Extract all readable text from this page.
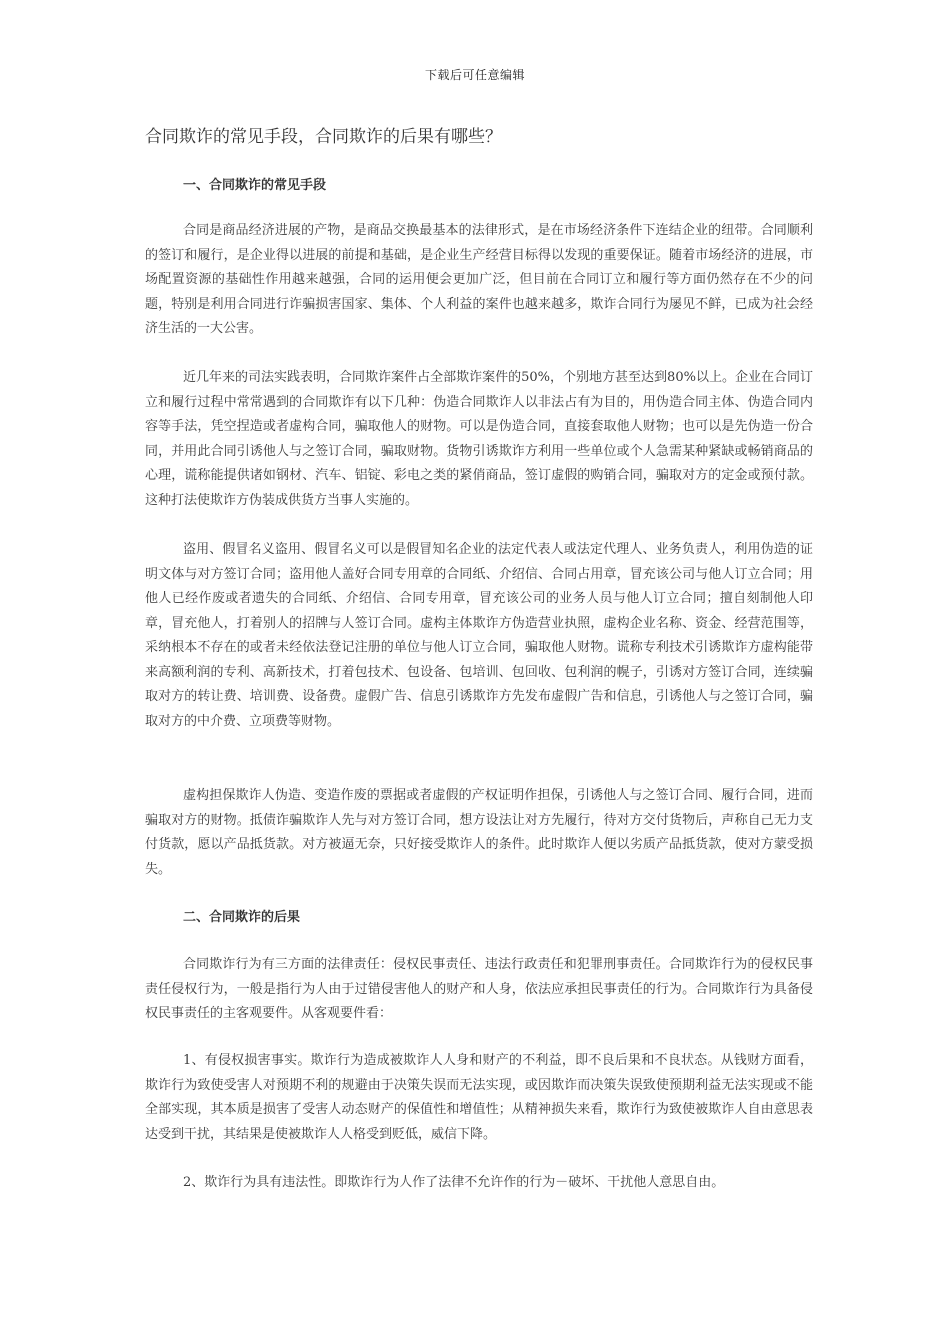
下载后可任意编辑
合同欺诈的常见手段，合同欺诈的后果有哪些？
一、合同欺诈的常见手段

合同是商品经济进展的产物，是商品交换最基本的法律形式，是在市场经济条件下连结企业的纽带。合同顺利的签订和履行，是企业得以进展的前提和基础，是企业生产经营目标得以发现的重要保证。随着市场经济的进展，市场配置资源的基础性作用越来越强，合同的运用便会更加广泛，但目前在合同订立和履行等方面仍然存在不少的问题，特别是利用合同进行诈骗损害国家、集体、个人利益的案件也越来越多，欺诈合同行为屡见不鲜，已成为社会经济生活的一大公害。

近几年来的司法实践表明，合同欺诈案件占全部欺诈案件的50%，个别地方甚至达到80%以上。企业在合同订立和履行过程中常常遇到的合同欺诈有以下几种：伪造合同欺诈人以非法占有为目的，用伪造合同主体、伪造合同内容等手法，凭空捏造或者虚构合同，骗取他人的财物。可以是伪造合同，直接套取他人财物；也可以是先伪造一份合同，并用此合同引诱他人与之签订合同，骗取财物。货物引诱欺诈方利用一些单位或个人急需某种紧缺或畅销商品的心理，谎称能提供诸如钢材、汽车、铝锭、彩电之类的紧俏商品，签订虚假的购销合同，骗取对方的定金或预付款。这种打法使欺诈方伪装成供货方当事人实施的。

盗用、假冒名义盗用、假冒名义可以是假冒知名企业的法定代表人或法定代理人、业务负责人，利用伪造的证明文体与对方签订合同；盗用他人盖好合同专用章的合同纸、介绍信、合同占用章，冒充该公司与他人订立合同；用他人已经作废或者遗失的合同纸、介绍信、合同专用章，冒充该公司的业务人员与他人订立合同；擅自刻制他人印章，冒充他人，打着别人的招牌与人签订合同。虚构主体欺诈方伪造营业执照，虚构企业名称、资金、经营范围等，采纳根本不存在的或者未经依法登记注册的单位与他人订立合同，骗取他人财物。谎称专利技术引诱欺诈方虚构能带来高额利润的专利、高新技术，打着包技术、包设备、包培训、包回收、包利润的幌子，引诱对方签订合同，连续骗取对方的转让费、培训费、设备费。虚假广告、信息引诱欺诈方先发布虚假广告和信息，引诱他人与之签订合同，骗取对方的中介费、立项费等财物。

虚构担保欺诈人伪造、变造作废的票据或者虚假的产权证明作担保，引诱他人与之签订合同、履行合同，进而骗取对方的财物。抵债诈骗欺诈人先与对方签订合同，想方设法让对方先履行，待对方交付货物后，声称自己无力支付货款，愿以产品抵货款。对方被逼无奈，只好接受欺诈人的条件。此时欺诈人便以劣质产品抵货款，使对方蒙受损失。

二、合同欺诈的后果

合同欺诈行为有三方面的法律责任：侵权民事责任、违法行政责任和犯罪刑事责任。合同欺诈行为的侵权民事责任侵权行为，一般是指行为人由于过错侵害他人的财产和人身，依法应承担民事责任的行为。合同欺诈行为具备侵权民事责任的主客观要件。从客观要件看：

1、有侵权损害事实。欺诈行为造成被欺诈人人身和财产的不利益，即不良后果和不良状态。从钱财方面看，欺诈行为致使受害人对预期不利的规避由于决策失误而无法实现，或因欺诈而决策失误致使预期利益无法实现或不能全部实现，其本质是损害了受害人动态财产的保值性和增值性；从精神损失来看，欺诈行为致使被欺诈人自由意思表达受到干扰，其结果是使被欺诈人人格受到贬低，威信下降。

2、欺诈行为具有违法性。即欺诈行为人作了法律不允许作的行为－破坏、干扰他人意思自由。
